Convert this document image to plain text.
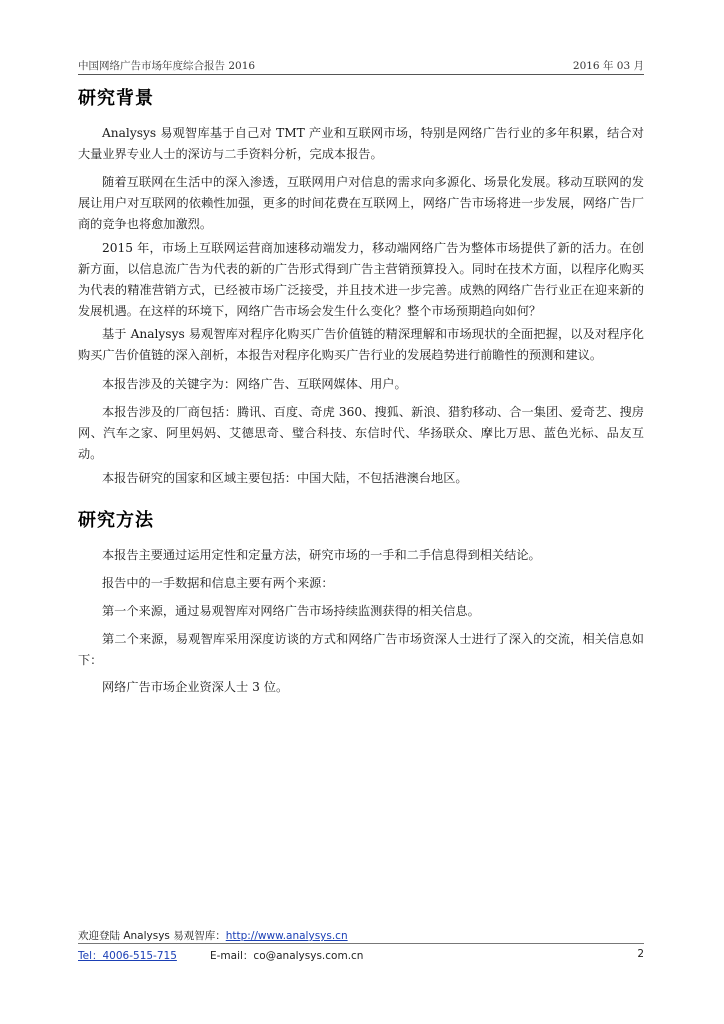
中国网络广告市场年度综合报告 2016	2016 年 03 月
研究背景

Analysys 易观智库基于自己对 TMT 产业和互联网市场，特别是网络广告行业的多年积累，结合对大量业界专业人士的深访与二手资料分析，完成本报告。

随着互联网在生活中的深入渗透，互联网用户对信息的需求向多源化、场景化发展。移动互联网的发展让用户对互联网的依赖性加强，更多的时间花费在互联网上，网络广告市场将进一步发展，网络广告厂商的竞争也将愈加激烈。

2015 年，市场上互联网运营商加速移动端发力，移动端网络广告为整体市场提供了新的活力。在创新方面，以信息流广告为代表的新的广告形式得到广告主营销预算投入。同时在技术方面，以程序化购买为代表的精准营销方式，已经被市场广泛接受，并且技术进一步完善。成熟的网络广告行业正在迎来新的发展机遇。在这样的环境下，网络广告市场会发生什么变化？整个市场预期趋向如何？

基于 Analysys 易观智库对程序化购买广告价值链的精深理解和市场现状的全面把握，以及对程序化购买广告价值链的深入剖析，本报告对程序化购买广告行业的发展趋势进行前瞻性的预测和建议。

本报告涉及的关键字为：网络广告、互联网媒体、用户。

本报告涉及的厂商包括：腾讯、百度、奇虎 360、搜狐、新浪、猎豹移动、合一集团、爱奇艺、搜房网、汽车之家、阿里妈妈、艾德思奇、璧合科技、东信时代、华扬联众、摩比万思、蓝色光标、品友互动。

本报告研究的国家和区域主要包括：中国大陆，不包括港澳台地区。

研究方法

本报告主要通过运用定性和定量方法，研究市场的一手和二手信息得到相关结论。

报告中的一手数据和信息主要有两个来源：

第一个来源，通过易观智库对网络广告市场持续监测获得的相关信息。

第二个来源，易观智库采用深度访谈的方式和网络广告市场资深人士进行了深入的交流，相关信息如下：

网络广告市场企业资深人士 3 位。

欢迎登陆 Analysys 易观智库：http://www.analysys.cn
Tel：4006-515-715	E-mail：co@analysys.com.cn	2
